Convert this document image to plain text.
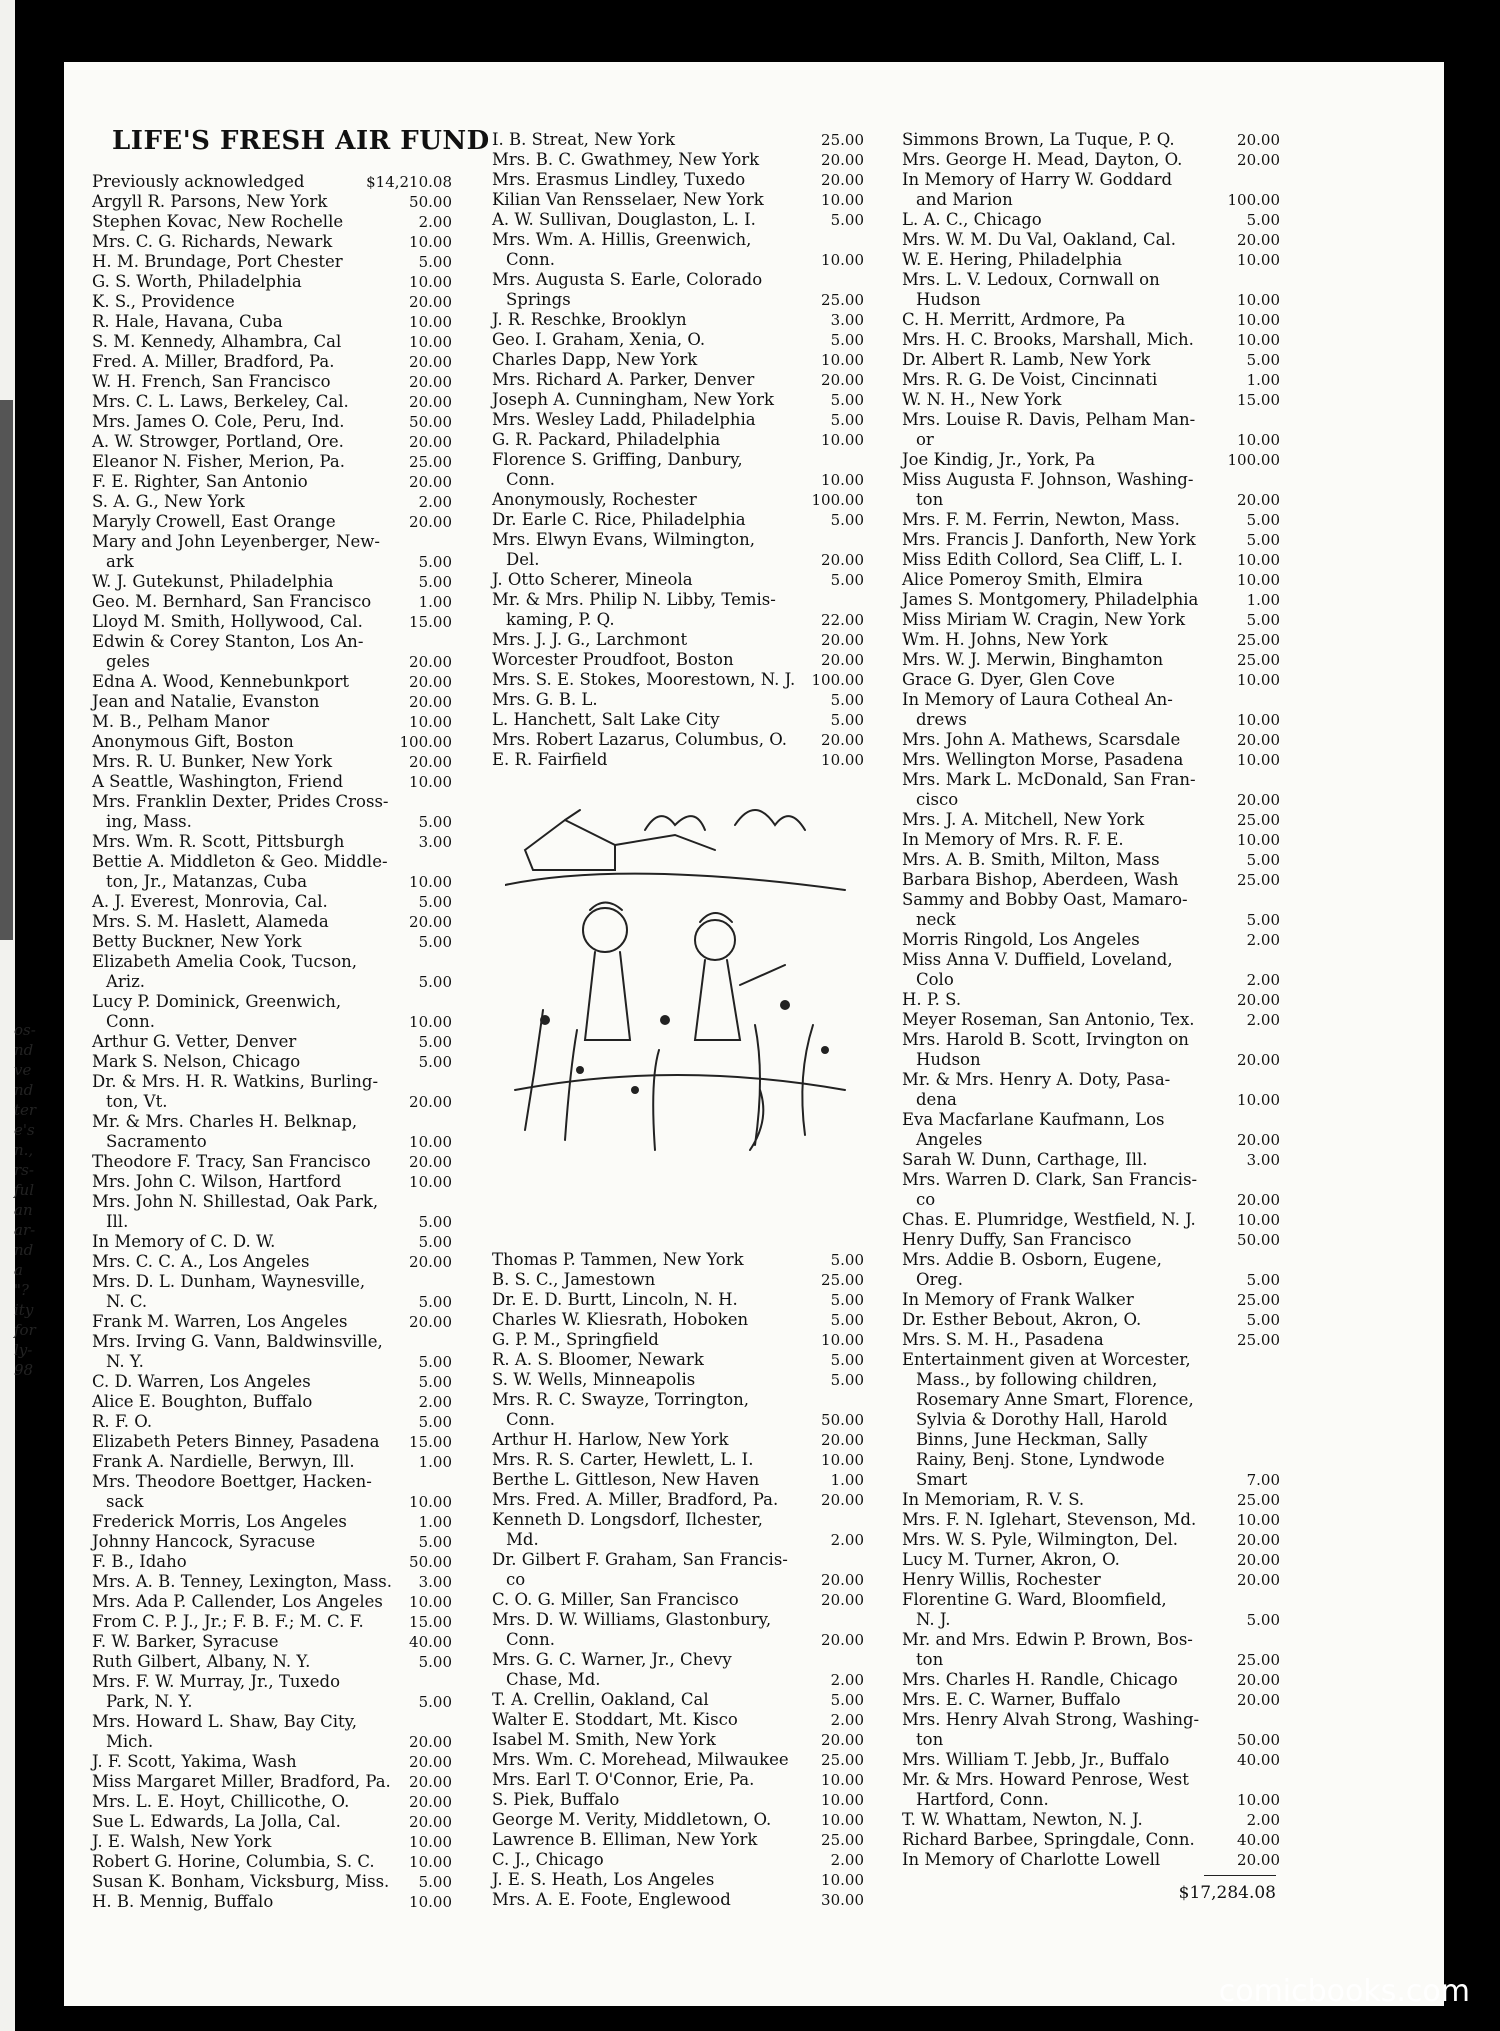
LIFE'S FRESH AIR FUND
Previously acknowledged	$14,210.08
Argyll R. Parsons, New York	50.00
Stephen Kovac, New Rochelle	2.00
Mrs. C. G. Richards, Newark	10.00
H. M. Brundage, Port Chester	5.00
G. S. Worth, Philadelphia	10.00
K. S., Providence	20.00
R. Hale, Havana, Cuba	10.00
S. M. Kennedy, Alhambra, Cal	10.00
Fred. A. Miller, Bradford, Pa.	20.00
W. H. French, San Francisco	20.00
Mrs. C. L. Laws, Berkeley, Cal.	20.00
Mrs. James O. Cole, Peru, Ind.	50.00
A. W. Strowger, Portland, Ore.	20.00
Eleanor N. Fisher, Merion, Pa.	25.00
F. E. Righter, San Antonio	20.00
S. A. G., New York	2.00
Maryly Crowell, East Orange	20.00
Mary and John Leyenberger, New-
ark	5.00
W. J. Gutekunst, Philadelphia	5.00
Geo. M. Bernhard, San Francisco	1.00
Lloyd M. Smith, Hollywood, Cal.	15.00
Edwin & Corey Stanton, Los An-
geles	20.00
Edna A. Wood, Kennebunkport	20.00
Jean and Natalie, Evanston	20.00
M. B., Pelham Manor	10.00
Anonymous Gift, Boston	100.00
Mrs. R. U. Bunker, New York	20.00
A Seattle, Washington, Friend	10.00
Mrs. Franklin Dexter, Prides Cross-
ing, Mass.	5.00
Mrs. Wm. R. Scott, Pittsburgh	3.00
Bettie A. Middleton & Geo. Middle-
ton, Jr., Matanzas, Cuba	10.00
A. J. Everest, Monrovia, Cal.	5.00
Mrs. S. M. Haslett, Alameda	20.00
Betty Buckner, New York	5.00
Elizabeth Amelia Cook, Tucson,
Ariz.	5.00
Lucy P. Dominick, Greenwich,
Conn.	10.00
Arthur G. Vetter, Denver	5.00
Mark S. Nelson, Chicago	5.00
Dr. & Mrs. H. R. Watkins, Burling-
ton, Vt.	20.00
Mr. & Mrs. Charles H. Belknap,
Sacramento	10.00
Theodore F. Tracy, San Francisco	20.00
Mrs. John C. Wilson, Hartford	10.00
Mrs. John N. Shillestad, Oak Park,
Ill.	5.00
In Memory of C. D. W.	5.00
Mrs. C. C. A., Los Angeles	20.00
Mrs. D. L. Dunham, Waynesville,
N. C.	5.00
Frank M. Warren, Los Angeles	20.00
Mrs. Irving G. Vann, Baldwinsville,
N. Y.	5.00
C. D. Warren, Los Angeles	5.00
Alice E. Boughton, Buffalo	2.00
R. F. O.	5.00
Elizabeth Peters Binney, Pasadena 15.00
Frank A. Nardielle, Berwyn, Ill.	1.00
Mrs. Theodore Boettger, Hacken-
sack	10.00
Frederick Morris, Los Angeles	1.00
Johnny Hancock, Syracuse	5.00
F. B., Idaho	50.00
Mrs. A. B. Tenney, Lexington, Mass. 3.00
Mrs. Ada P. Callender, Los Angeles 10.00
From C. P. J., Jr.; F. B. F.; M. C. F.	15.00
F. W. Barker, Syracuse	40.00
Ruth Gilbert, Albany, N. Y.	5.00
Mrs. F. W. Murray, Jr., Tuxedo
Park, N. Y.	5.00
Mrs. Howard L. Shaw, Bay City,
Mich.	20.00
J. F. Scott, Yakima, Wash	20.00
Miss Margaret Miller, Bradford, Pa. 20.00
Mrs. L. E. Hoyt, Chillicothe, O.	20.00
Sue L. Edwards, La Jolla, Cal.	20.00
J. E. Walsh, New York	10.00
Robert G. Horine, Columbia, S. C. 10.00
Susan K. Bonham, Vicksburg, Miss. 5.00
H. B. Mennig, Buffalo	10.00
I. B. Streat, New York	25.00
Mrs. B. C. Gwathmey, New York	20.00
Mrs. Erasmus Lindley, Tuxedo	20.00
Kilian Van Rensselaer, New York	10.00
A. W. Sullivan, Douglaston, L. I.	5.00
Mrs. Wm. A. Hillis, Greenwich,
Conn.	10.00
Mrs. Augusta S. Earle, Colorado
Springs	25.00
J. R. Reschke, Brooklyn	3.00
Geo. I. Graham, Xenia, O.	5.00
Charles Dapp, New York	10.00
Mrs. Richard A. Parker, Denver	20.00
Joseph A. Cunningham, New York	5.00
Mrs. Wesley Ladd, Philadelphia	5.00
G. R. Packard, Philadelphia	10.00
Florence S. Griffing, Danbury,
Conn.	10.00
Anonymously, Rochester	100.00
Dr. Earle C. Rice, Philadelphia	5.00
Mrs. Elwyn Evans, Wilmington,
Del.	20.00
J. Otto Scherer, Mineola	5.00
Mr. & Mrs. Philip N. Libby, Temis-
kaming, P. Q.	22.00
Mrs. J. J. G., Larchmont	20.00
Worcester Proudfoot, Boston	20.00
Mrs. S. E. Stokes, Moorestown, N. J. 100.00
Mrs. G. B. L.	5.00
L. Hanchett, Salt Lake City	5.00
Mrs. Robert Lazarus, Columbus, O. 20.00
E. R. Fairfield	10.00
Thomas P. Tammen, New York	5.00
B. S. C., Jamestown	25.00
Dr. E. D. Burtt, Lincoln, N. H.	5.00
Charles W. Kliesrath, Hoboken	5.00
G. P. M., Springfield	10.00
R. A. S. Bloomer, Newark	5.00
S. W. Wells, Minneapolis	5.00
Mrs. R. C. Swayze, Torrington,
Conn.	50.00
Arthur H. Harlow, New York	20.00
Mrs. R. S. Carter, Hewlett, L. I.	10.00
Berthe L. Gittleson, New Haven	1.00
Mrs. Fred. A. Miller, Bradford, Pa.	20.00
Kenneth D. Longsdorf, Ilchester,
Md.	2.00
Dr. Gilbert F. Graham, San Francis-
co	20.00
C. O. G. Miller, San Francisco	20.00
Mrs. D. W. Williams, Glastonbury,
Conn.	20.00
Mrs. G. C. Warner, Jr., Chevy
Chase, Md.	2.00
T. A. Crellin, Oakland, Cal	5.00
Walter E. Stoddart, Mt. Kisco	2.00
Isabel M. Smith, New York	20.00
Mrs. Wm. C. Morehead, Milwaukee 25.00
Mrs. Earl T. O'Connor, Erie, Pa.	10.00
S. Piek, Buffalo	10.00
George M. Verity, Middletown, O.	10.00
Lawrence B. Elliman, New York	25.00
C. J., Chicago	2.00
J. E. S. Heath, Los Angeles	10.00
Mrs. A. E. Foote, Englewood	30.00
Simmons Brown, La Tuque, P. Q.	20.00
Mrs. George H. Mead, Dayton, O.	20.00
In Memory of Harry W. Goddard
and Marion	100.00
L. A. C., Chicago	5.00
Mrs. W. M. Du Val, Oakland, Cal.	20.00
W. E. Hering, Philadelphia	10.00
Mrs. L. V. Ledoux, Cornwall on
Hudson	10.00
C. H. Merritt, Ardmore, Pa	10.00
Mrs. H. C. Brooks, Marshall, Mich.	10.00
Dr. Albert R. Lamb, New York	5.00
Mrs. R. G. De Voist, Cincinnati	1.00
W. N. H., New York	15.00
Mrs. Louise R. Davis, Pelham Man-
or	10.00
Joe Kindig, Jr., York, Pa	100.00
Miss Augusta F. Johnson, Washing-
ton	20.00
Mrs. F. M. Ferrin, Newton, Mass.	5.00
Mrs. Francis J. Danforth, New York	5.00
Miss Edith Collord, Sea Cliff, L. I.	10.00
Alice Pomeroy Smith, Elmira	10.00
James S. Montgomery, Philadelphia	1.00
Miss Miriam W. Cragin, New York	5.00
Wm. H. Johns, New York	25.00
Mrs. W. J. Merwin, Binghamton	25.00
Grace G. Dyer, Glen Cove	10.00
In Memory of Laura Cotheal An-
drews	10.00
Mrs. John A. Mathews, Scarsdale	20.00
Mrs. Wellington Morse, Pasadena	10.00
Mrs. Mark L. McDonald, San Fran-
cisco	20.00
Mrs. J. A. Mitchell, New York	25.00
In Memory of Mrs. R. F. E.	10.00
Mrs. A. B. Smith, Milton, Mass	5.00
Barbara Bishop, Aberdeen, Wash	25.00
Sammy and Bobby Oast, Mamaro-
neck	5.00
Morris Ringold, Los Angeles	2.00
Miss Anna V. Duffield, Loveland,
Colo	2.00
H. P. S.	20.00
Meyer Roseman, San Antonio, Tex.	2.00
Mrs. Harold B. Scott, Irvington on
Hudson	20.00
Mr. & Mrs. Henry A. Doty, Pasa-
dena	10.00
Eva Macfarlane Kaufmann, Los
Angeles	20.00
Sarah W. Dunn, Carthage, Ill.	3.00
Mrs. Warren D. Clark, San Francis-
co	20.00
Chas. E. Plumridge, Westfield, N. J.	10.00
Henry Duffy, San Francisco	50.00
Mrs. Addie B. Osborn, Eugene,
Oreg.	5.00
In Memory of Frank Walker	25.00
Dr. Esther Bebout, Akron, O.	5.00
Mrs. S. M. H., Pasadena	25.00
Entertainment given at Worcester,
Mass., by following children,
Rosemary Anne Smart, Florence,
Sylvia & Dorothy Hall, Harold
Binns, June Heckman, Sally
Rainy, Benj. Stone, Lyndwode
Smart	7.00
In Memoriam, R. V. S.	25.00
Mrs. F. N. Iglehart, Stevenson, Md.	10.00
Mrs. W. S. Pyle, Wilmington, Del.	20.00
Lucy M. Turner, Akron, O.	20.00
Henry Willis, Rochester	20.00
Florentine G. Ward, Bloomfield,
N. J.	5.00
Mr. and Mrs. Edwin P. Brown, Bos-
ton	25.00
Mrs. Charles H. Randle, Chicago	20.00
Mrs. E. C. Warner, Buffalo	20.00
Mrs. Henry Alvah Strong, Washing-
ton	50.00
Mrs. William T. Jebb, Jr., Buffalo	40.00
Mr. & Mrs. Howard Penrose, West
Hartford, Conn.	10.00
T. W. Whattam, Newton, N. J.	2.00
Richard Barbee, Springdale, Conn.	40.00
In Memory of Charlotte Lowell	20.00
$17,284.08
os-
nd
ve
nd
ter
e's
n.,
rs-
ful
an
ar-
nd
a
"?
ity
for
ly-
98
comicbooks.com
